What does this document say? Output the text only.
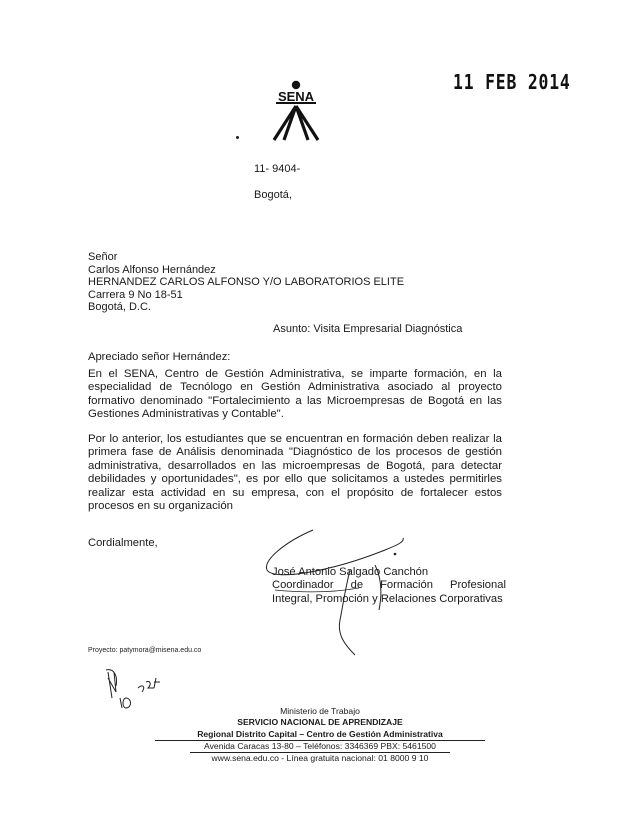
11 FEB 2014
SENA
11- 9404-
Bogotá,
Señor
Carlos Alfonso Hernández
HERNANDEZ CARLOS ALFONSO Y/O LABORATORIOS ELITE
Carrera 9 No 18-51
Bogotá, D.C.
Asunto: Visita Empresarial Diagnóstica
Apreciado señor Hernández:
En el SENA, Centro de Gestión Administrativa, se imparte formación, en la especialidad de Tecnólogo en Gestión Administrativa asociado al proyecto formativo denominado "Fortalecimiento a las Microempresas de Bogotá en las Gestiones Administrativas y Contable".
Por lo anterior, los estudiantes que se encuentran en formación deben realizar la primera fase de Análisis denominada "Diagnóstico de los procesos de gestión administrativa, desarrollados en las microempresas de Bogotá, para detectar debilidades y oportunidades", es por ello que solicitamos a ustedes permitirles realizar esta actividad en su empresa, con el propósito de fortalecer estos procesos en su organización
Cordialmente,
José Antonio Salgado Canchón
Coordinador de Formación Profesional
Integral, Promoción y Relaciones Corporativas
Proyecto: patymora@misena.edu.co
Ministerio de Trabajo
SERVICIO NACIONAL DE APRENDIZAJE
Regional Distrito Capital – Centro de Gestión Administrativa
Avenida Caracas 13-80 – Teléfonos: 3346369 PBX: 5461500
www.sena.edu.co - Línea gratuita nacional: 01 8000 9 10
